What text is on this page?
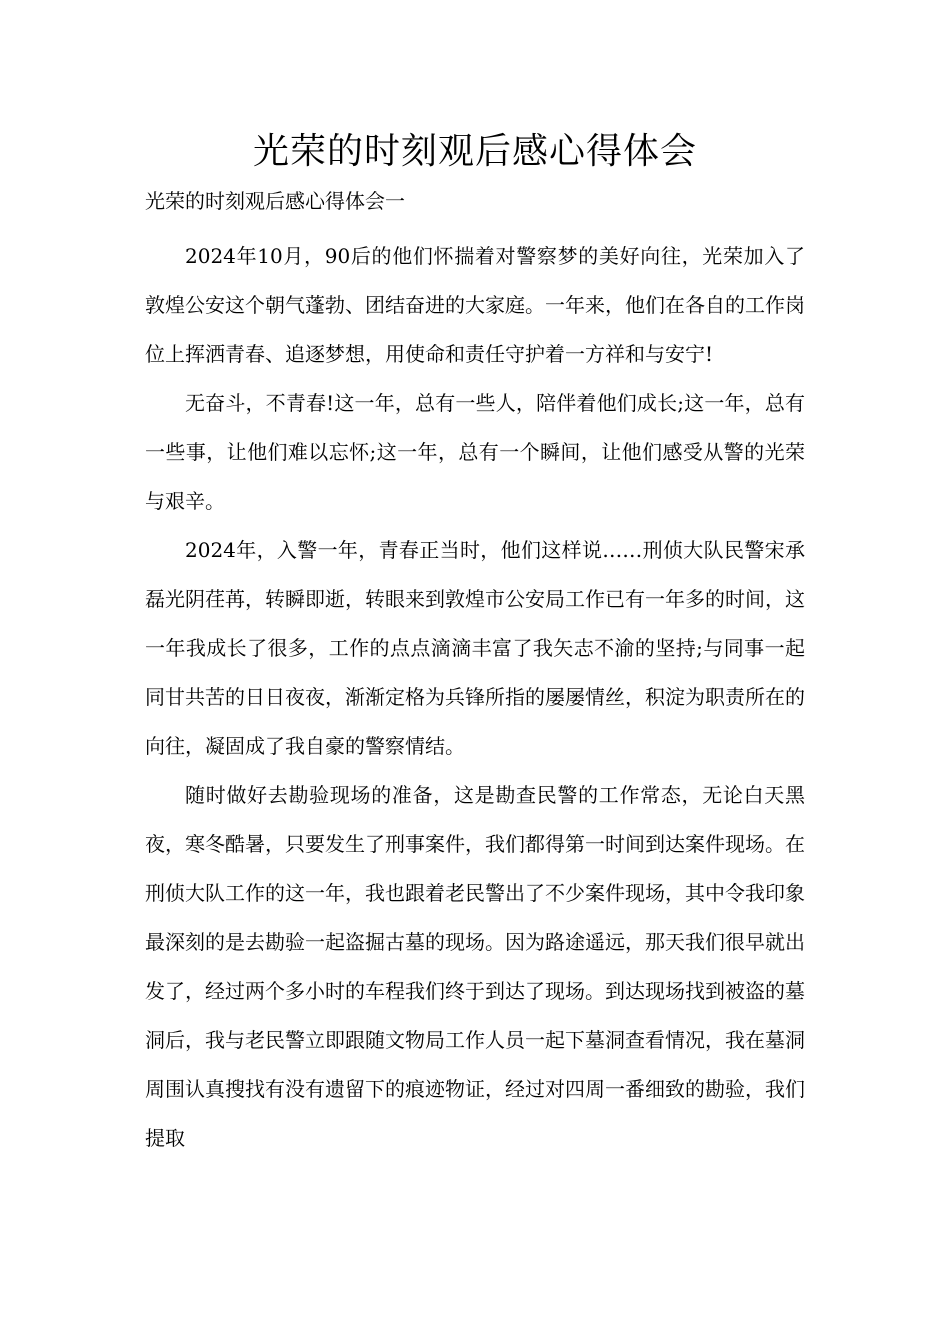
光荣的时刻观后感心得体会
光荣的时刻观后感心得体会一

2024年10月，90后的他们怀揣着对警察梦的美好向往，光荣加入了敦煌公安这个朝气蓬勃、团结奋进的大家庭。一年来，他们在各自的工作岗位上挥洒青春、追逐梦想，用使命和责任守护着一方祥和与安宁!

无奋斗，不青春!这一年，总有一些人，陪伴着他们成长;这一年，总有一些事，让他们难以忘怀;这一年，总有一个瞬间，让他们感受从警的光荣与艰辛。

2024年，入警一年，青春正当时，他们这样说……刑侦大队民警宋承磊光阴荏苒，转瞬即逝，转眼来到敦煌市公安局工作已有一年多的时间，这一年我成长了很多，工作的点点滴滴丰富了我矢志不渝的坚持;与同事一起同甘共苦的日日夜夜，渐渐定格为兵锋所指的屡屡情丝，积淀为职责所在的向往，凝固成了我自豪的警察情结。

随时做好去勘验现场的准备，这是勘查民警的工作常态，无论白天黑夜，寒冬酷暑，只要发生了刑事案件，我们都得第一时间到达案件现场。在刑侦大队工作的这一年，我也跟着老民警出了不少案件现场，其中令我印象最深刻的是去勘验一起盗掘古墓的现场。因为路途遥远，那天我们很早就出发了，经过两个多小时的车程我们终于到达了现场。到达现场找到被盗的墓洞后，我与老民警立即跟随文物局工作人员一起下墓洞查看情况，我在墓洞周围认真搜找有没有遗留下的痕迹物证，经过对四周一番细致的勘验，我们提取
